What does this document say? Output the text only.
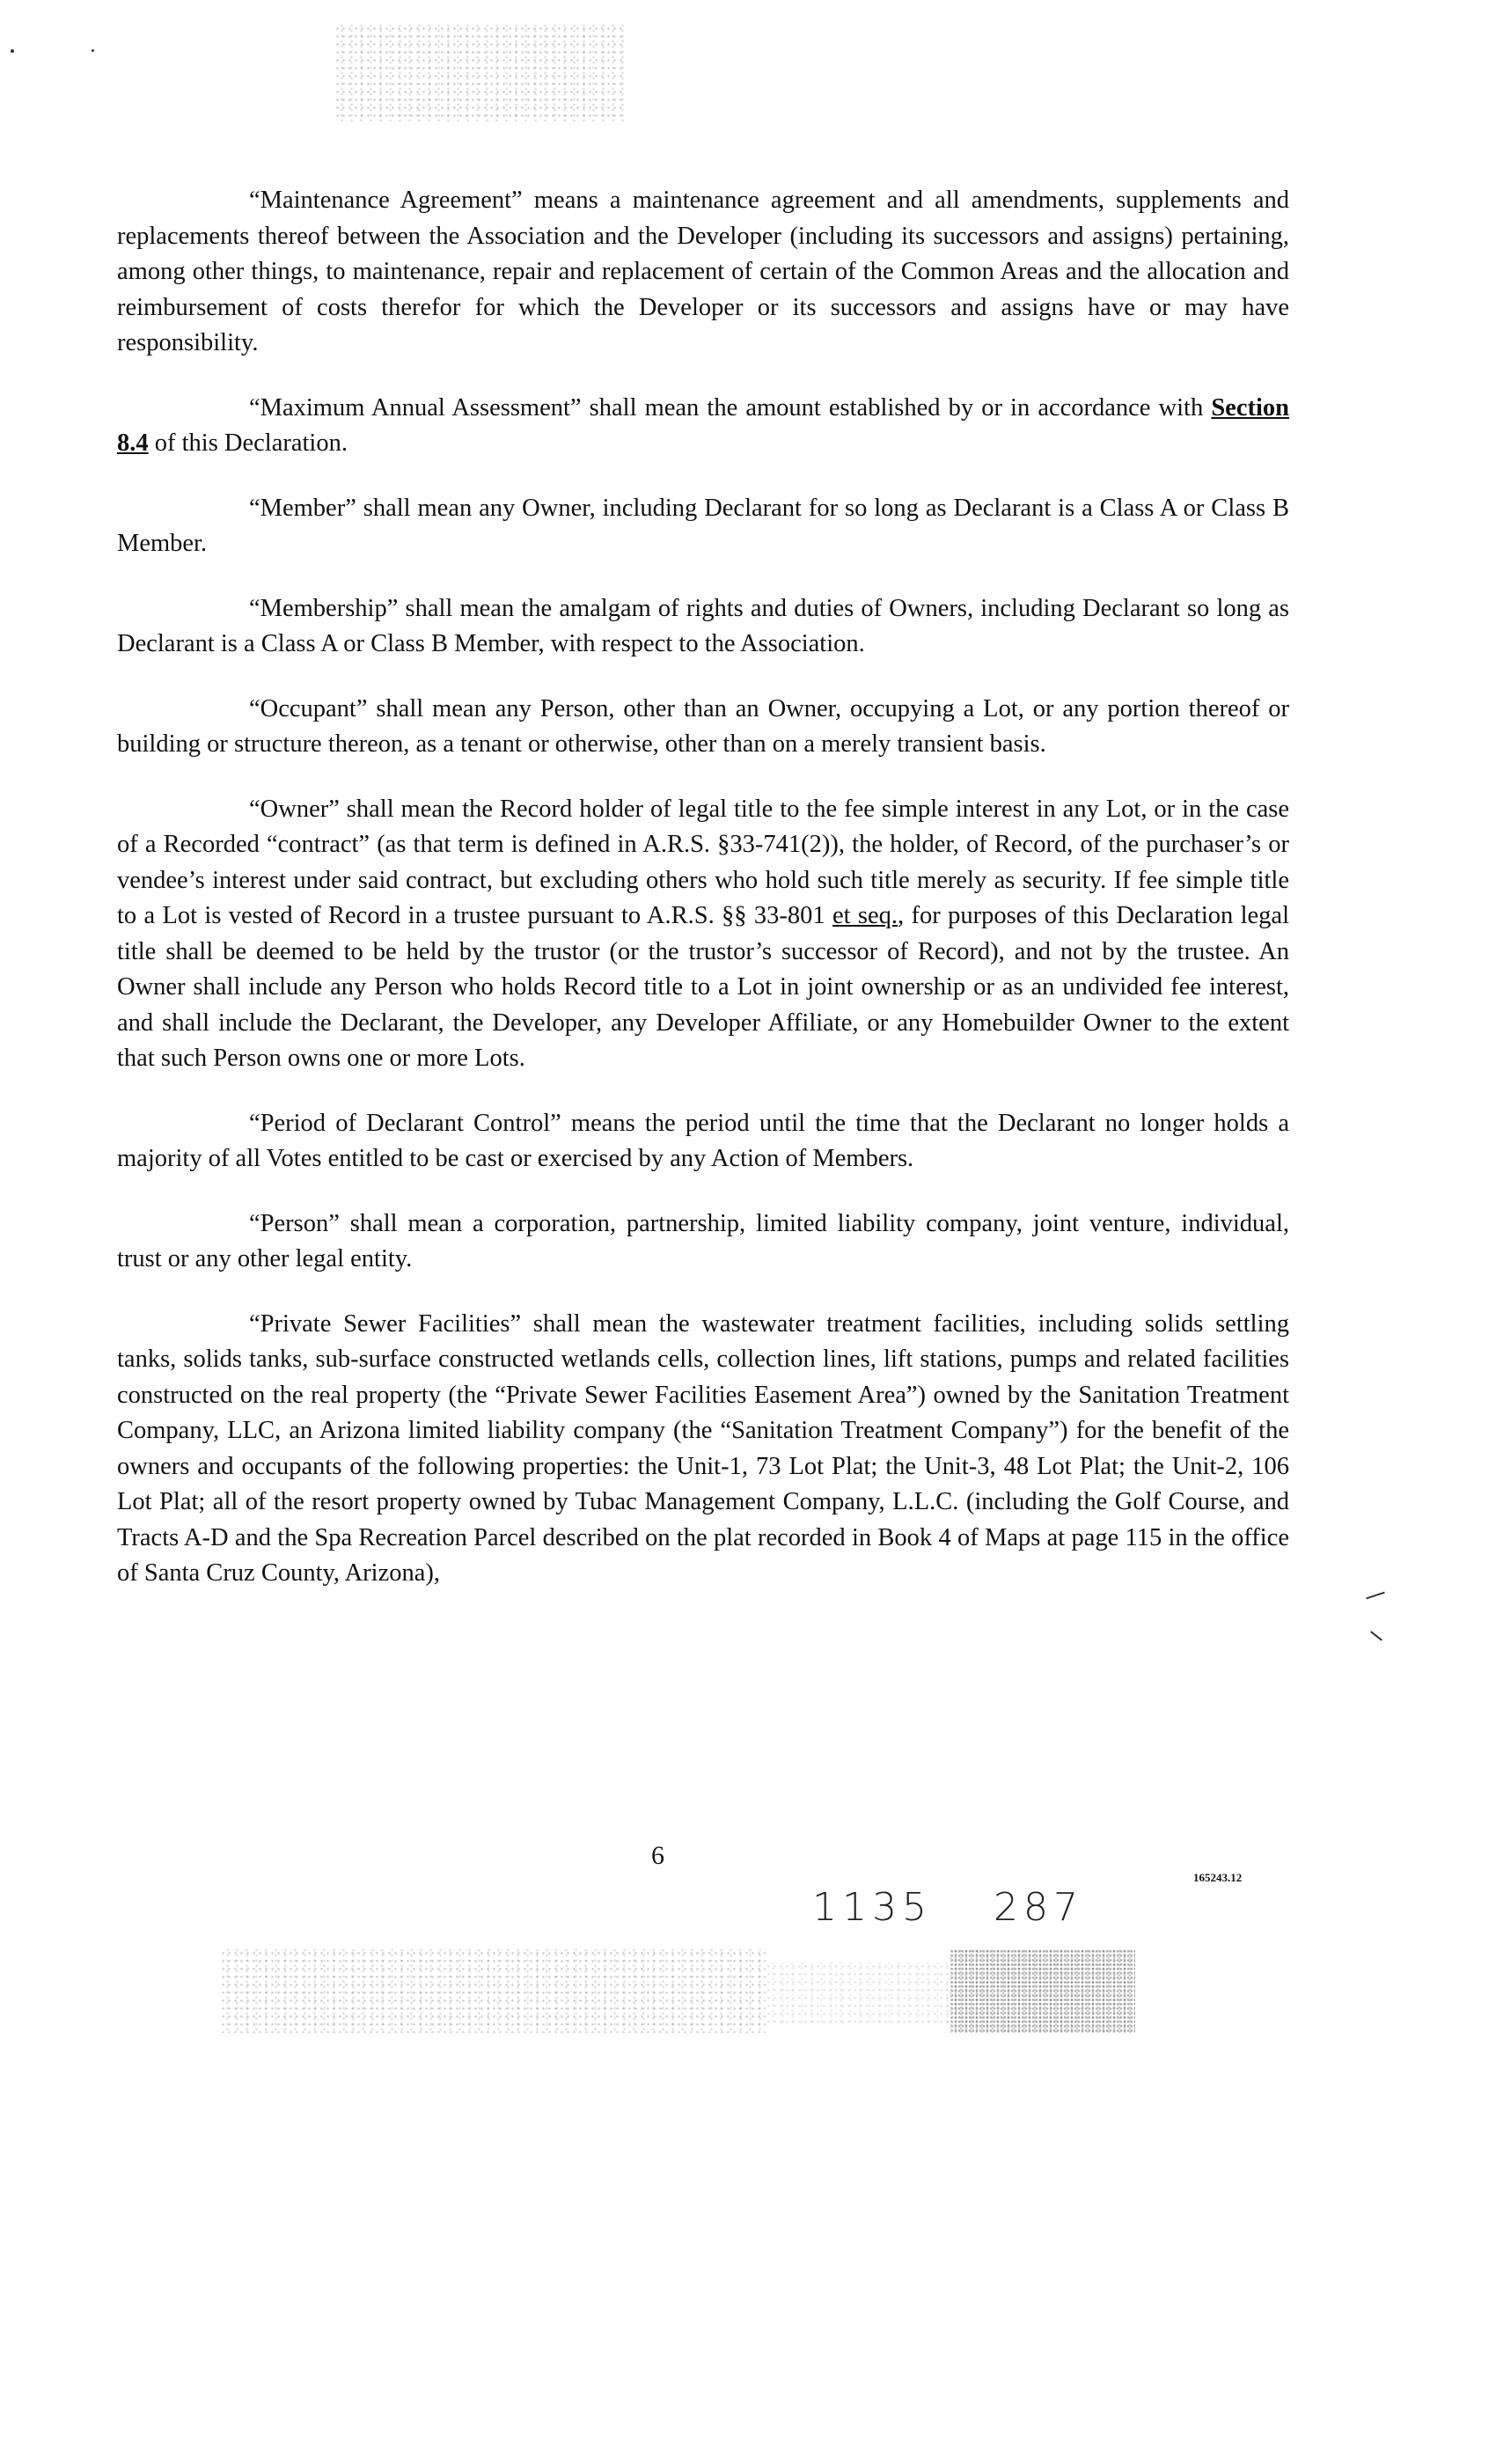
“Maintenance Agreement” means a maintenance agreement and all amendments, supplements and replacements thereof between the Association and the Developer (including its successors and assigns) pertaining, among other things, to maintenance, repair and replacement of certain of the Common Areas and the allocation and reimbursement of costs therefor for which the Developer or its successors and assigns have or may have responsibility.

“Maximum Annual Assessment” shall mean the amount established by or in accordance with Section 8.4 of this Declaration.

“Member” shall mean any Owner, including Declarant for so long as Declarant is a Class A or Class B Member.

“Membership” shall mean the amalgam of rights and duties of Owners, including Declarant so long as Declarant is a Class A or Class B Member, with respect to the Association.

“Occupant” shall mean any Person, other than an Owner, occupying a Lot, or any portion thereof or building or structure thereon, as a tenant or otherwise, other than on a merely transient basis.

“Owner” shall mean the Record holder of legal title to the fee simple interest in any Lot, or in the case of a Recorded “contract” (as that term is defined in A.R.S. §33-741(2)), the holder, of Record, of the purchaser’s or vendee’s interest under said contract, but excluding others who hold such title merely as security. If fee simple title to a Lot is vested of Record in a trustee pursuant to A.R.S. §§ 33-801 et seq., for purposes of this Declaration legal title shall be deemed to be held by the trustor (or the trustor’s successor of Record), and not by the trustee. An Owner shall include any Person who holds Record title to a Lot in joint ownership or as an undivided fee interest, and shall include the Declarant, the Developer, any Developer Affiliate, or any Homebuilder Owner to the extent that such Person owns one or more Lots.

“Period of Declarant Control” means the period until the time that the Declarant no longer holds a majority of all Votes entitled to be cast or exercised by any Action of Members.

“Person” shall mean a corporation, partnership, limited liability company, joint venture, individual, trust or any other legal entity.

“Private Sewer Facilities” shall mean the wastewater treatment facilities, including solids settling tanks, solids tanks, sub-surface constructed wetlands cells, collection lines, lift stations, pumps and related facilities constructed on the real property (the “Private Sewer Facilities Easement Area”) owned by the Sanitation Treatment Company, LLC, an Arizona limited liability company (the “Sanitation Treatment Company”) for the benefit of the owners and occupants of the following properties: the Unit-1, 73 Lot Plat; the Unit-3, 48 Lot Plat; the Unit-2, 106 Lot Plat; all of the resort property owned by Tubac Management Company, L.L.C. (including the Golf Course, and Tracts A-D and the Spa Recreation Parcel described on the plat recorded in Book 4 of Maps at page 115 in the office of Santa Cruz County, Arizona),

6
165243.12
1135 287
